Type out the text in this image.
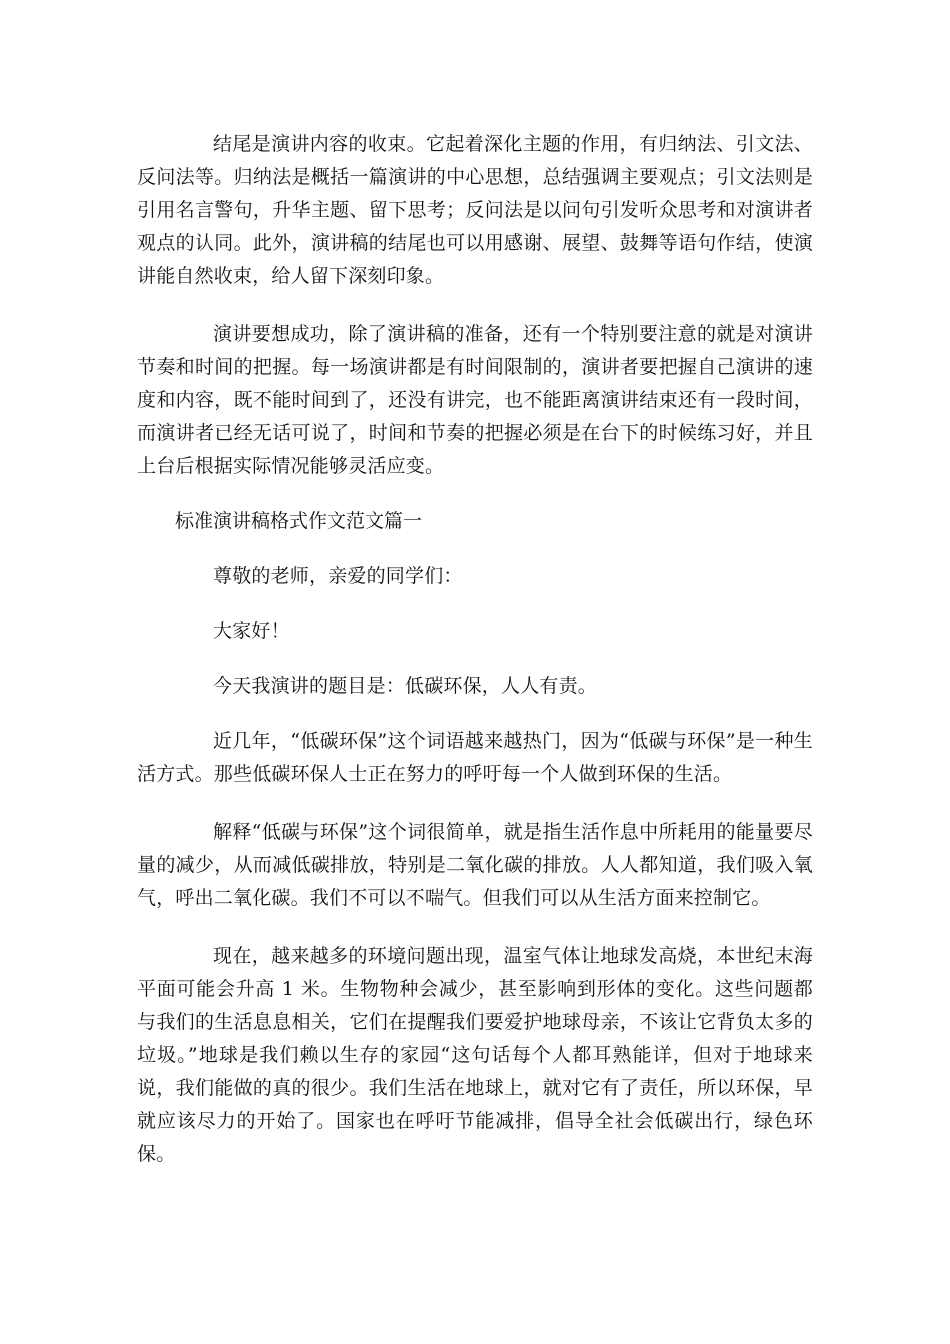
结尾是演讲内容的收束。它起着深化主题的作用，有归纳法、引文法、反问法等。归纳法是概括一篇演讲的中心思想，总结强调主要观点；引文法则是引用名言警句，升华主题、留下思考；反问法是以问句引发听众思考和对演讲者观点的认同。此外，演讲稿的结尾也可以用感谢、展望、鼓舞等语句作结，使演讲能自然收束，给人留下深刻印象。

演讲要想成功，除了演讲稿的准备，还有一个特别要注意的就是对演讲节奏和时间的把握。每一场演讲都是有时间限制的，演讲者要把握自己演讲的速度和内容，既不能时间到了，还没有讲完，也不能距离演讲结束还有一段时间，而演讲者已经无话可说了，时间和节奏的把握必须是在台下的时候练习好，并且上台后根据实际情况能够灵活应变。

标准演讲稿格式作文范文篇一

尊敬的老师，亲爱的同学们：

大家好！

今天我演讲的题目是：低碳环保，人人有责。

近几年，“低碳环保”这个词语越来越热门，因为“低碳与环保”是一种生活方式。那些低碳环保人士正在努力的呼吁每一个人做到环保的生活。

解释“低碳与环保”这个词很简单，就是指生活作息中所耗用的能量要尽量的减少，从而减低碳排放，特别是二氧化碳的排放。人人都知道，我们吸入氧气，呼出二氧化碳。我们不可以不喘气。但我们可以从生活方面来控制它。

现在，越来越多的环境问题出现，温室气体让地球发高烧，本世纪末海平面可能会升高 1 米。生物物种会减少，甚至影响到形体的变化。这些问题都与我们的生活息息相关，它们在提醒我们要爱护地球母亲，不该让它背负太多的垃圾。”地球是我们赖以生存的家园“这句话每个人都耳熟能详，但对于地球来说，我们能做的真的很少。我们生活在地球上，就对它有了责任，所以环保，早就应该尽力的开始了。国家也在呼吁节能减排，倡导全社会低碳出行，绿色环保。
